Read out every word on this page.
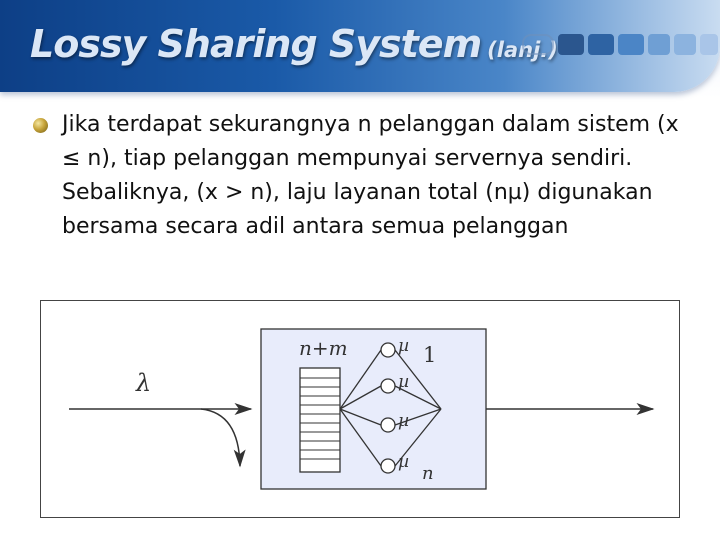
Lossy Sharing System (lanj.)
Jika terdapat sekurangnya n pelanggan dalam sistem (x ≤ n), tiap pelanggan mempunyai servernya sendiri. Sebaliknya, (x > n), laju layanan total (nµ) digunakan bersama secara adil antara semua pelanggan
λ
n+m	µ
µ
µ
µ
1
n
